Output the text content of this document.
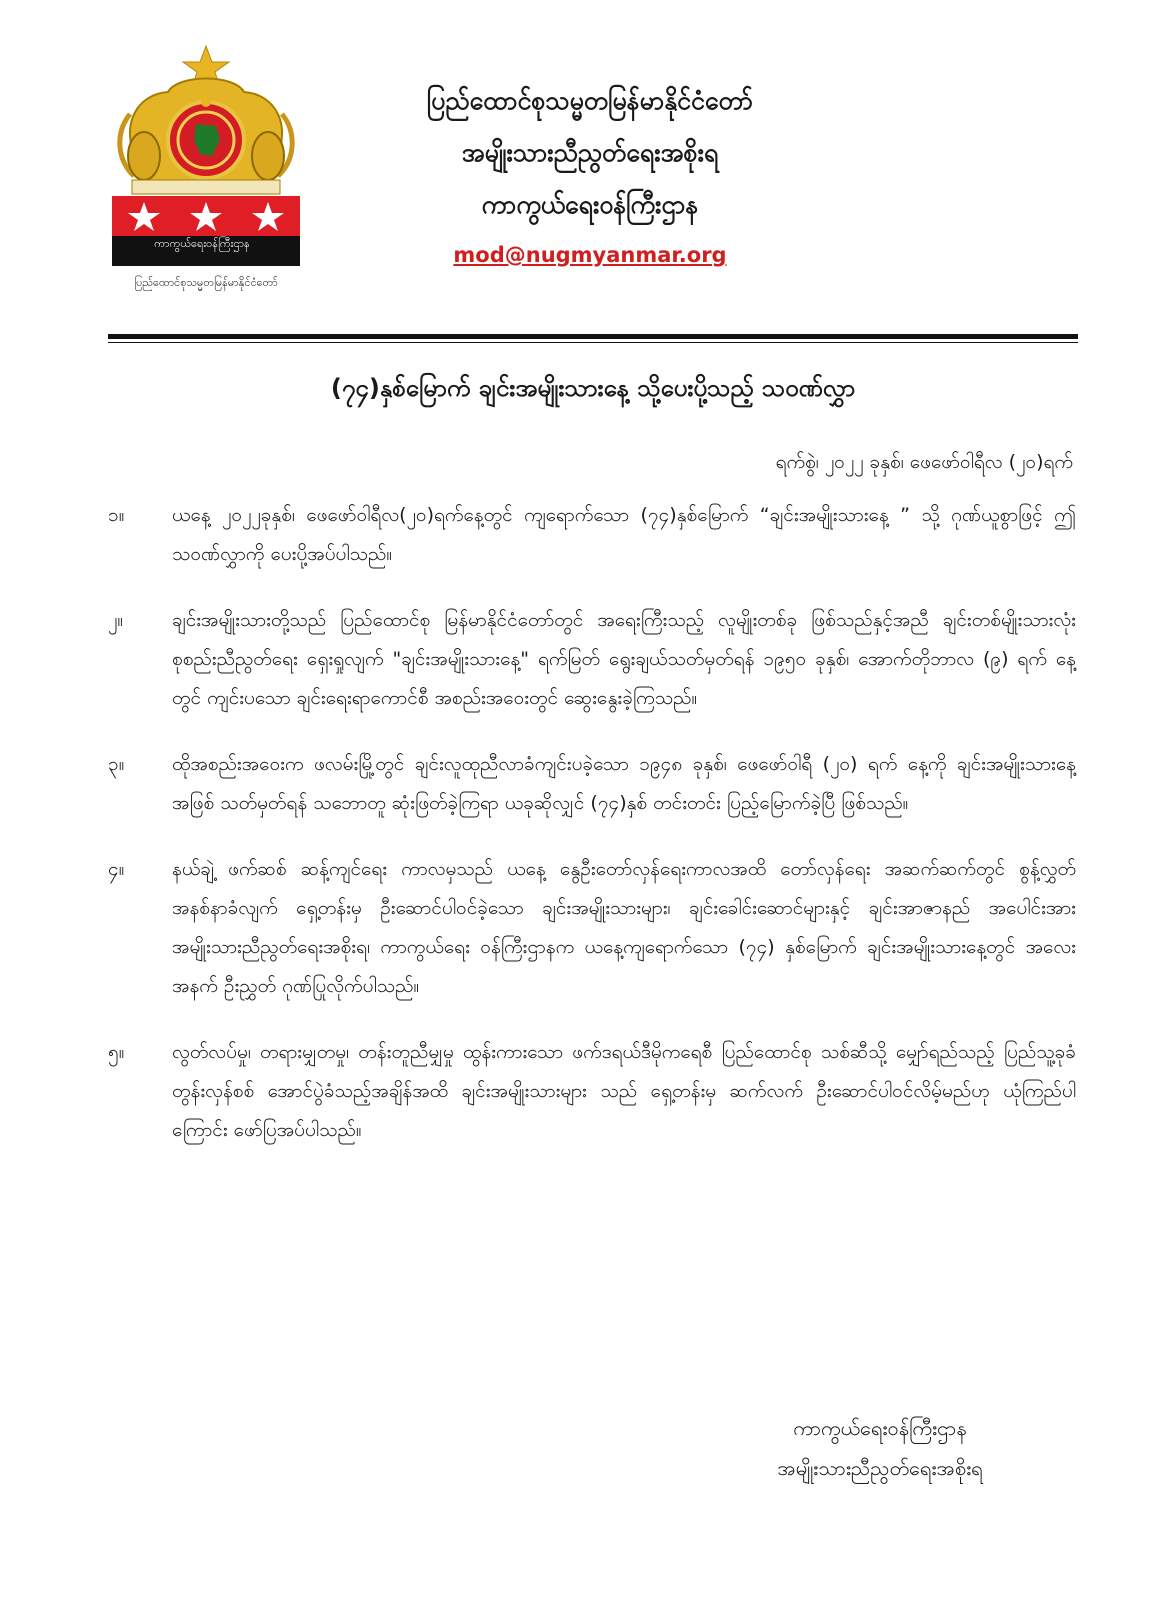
ကာကွယ်ရေးဝန်ကြီးဌာန
ပြည်ထောင်စုသမ္မတမြန်မာနိုင်ငံတော်
ပြည်ထောင်စုသမ္မတမြန်မာနိုင်ငံတော်
အမျိုးသားညီညွတ်ရေးအစိုးရ
ကာကွယ်ရေးဝန်ကြီးဌာန
mod@nugmyanmar.org
(၇၄)နှစ်မြောက် ချင်းအမျိုးသားနေ့ သို့ပေးပို့သည့် သဝဏ်လွှာ
ရက်စွဲ၊ ၂၀၂၂ ခုနှစ်၊ ဖေဖော်ဝါရီလ (၂၀)ရက်
၁။	ယနေ့ ၂၀၂၂ခုနှစ်၊ ဖေဖော်ဝါရီလ(၂၀)ရက်နေ့တွင် ကျရောက်သော (၇၄)နှစ်မြောက် “ချင်းအမျိုးသားနေ့ ” သို့ ဂုဏ်ယူစွာဖြင့် ဤသဝဏ်လွှာကို ပေးပို့အပ်ပါသည်။
၂။	ချင်းအမျိုးသားတို့သည် ပြည်ထောင်စု မြန်မာနိုင်ငံတော်တွင် အရေးကြီးသည့် လူမျိုးတစ်ခု ဖြစ်သည်နှင့်အညီ ချင်းတစ်မျိုးသားလုံး စုစည်းညီညွတ်ရေး ရှေးရှုလျက် "ချင်းအမျိုးသားနေ့" ရက်မြတ် ရွေးချယ်သတ်မှတ်ရန် ၁၉၅၀ ခုနှစ်၊ အောက်တိုဘာလ (၉) ရက် နေ့ တွင် ကျင်းပသော ချင်းရေးရာကောင်စီ အစည်းအဝေးတွင် ဆွေးနွေးခဲ့ကြသည်။
၃။	ထိုအစည်းအဝေးက ဖလမ်းမြို့တွင် ချင်းလူထုညီလာခံကျင်းပခဲ့သော ၁၉၄၈ ခုနှစ်၊ ဖေဖော်ဝါရီ (၂၀) ရက် နေ့ကို ချင်းအမျိုးသားနေ့ အဖြစ် သတ်မှတ်ရန် သဘောတူ ဆုံးဖြတ်ခဲ့ကြရာ ယခုဆိုလျှင် (၇၄)နှစ် တင်းတင်း ပြည့်မြောက်ခဲ့ပြီ ဖြစ်သည်။
၄။	နယ်ချဲ့ ဖက်ဆစ် ဆန့်ကျင်ရေး ကာလမှသည် ယနေ့ နွေဦးတော်လှန်ရေးကာလအထိ တော်လှန်ရေး အဆက်ဆက်တွင် စွန့်လွှတ်အနစ်နာခံလျက် ရှေ့တန်းမှ ဦးဆောင်ပါဝင်ခဲ့သော ချင်းအမျိုးသားများ၊ ချင်းခေါင်းဆောင်များနှင့် ချင်းအာဇာနည် အပေါင်းအား အမျိုးသားညီညွတ်ရေးအစိုးရ၊ ကာကွယ်ရေး ဝန်ကြီးဌာနက ယနေ့ကျရောက်သော (၇၄) နှစ်မြောက် ချင်းအမျိုးသားနေ့တွင် အလေးအနက် ဦးညွှတ် ဂုဏ်ပြုလိုက်ပါသည်။
၅။	လွတ်လပ်မှု၊ တရားမျှတမှု၊ တန်းတူညီမျှမှု ထွန်းကားသော ဖက်ဒရယ်ဒီမိုကရေစီ ပြည်ထောင်စု သစ်ဆီသို့ မျှော်ရည်သည့် ပြည်သူ့ခုခံတွန်းလှန်စစ် အောင်ပွဲခံသည့်အချိန်အထိ ချင်းအမျိုးသားများ သည် ရှေ့တန်းမှ ဆက်လက် ဦးဆောင်ပါဝင်လိမ့်မည်ဟု ယုံကြည်ပါကြောင်း ဖော်ပြအပ်ပါသည်။
ကာကွယ်ရေးဝန်ကြီးဌာန
အမျိုးသားညီညွတ်ရေးအစိုးရ
